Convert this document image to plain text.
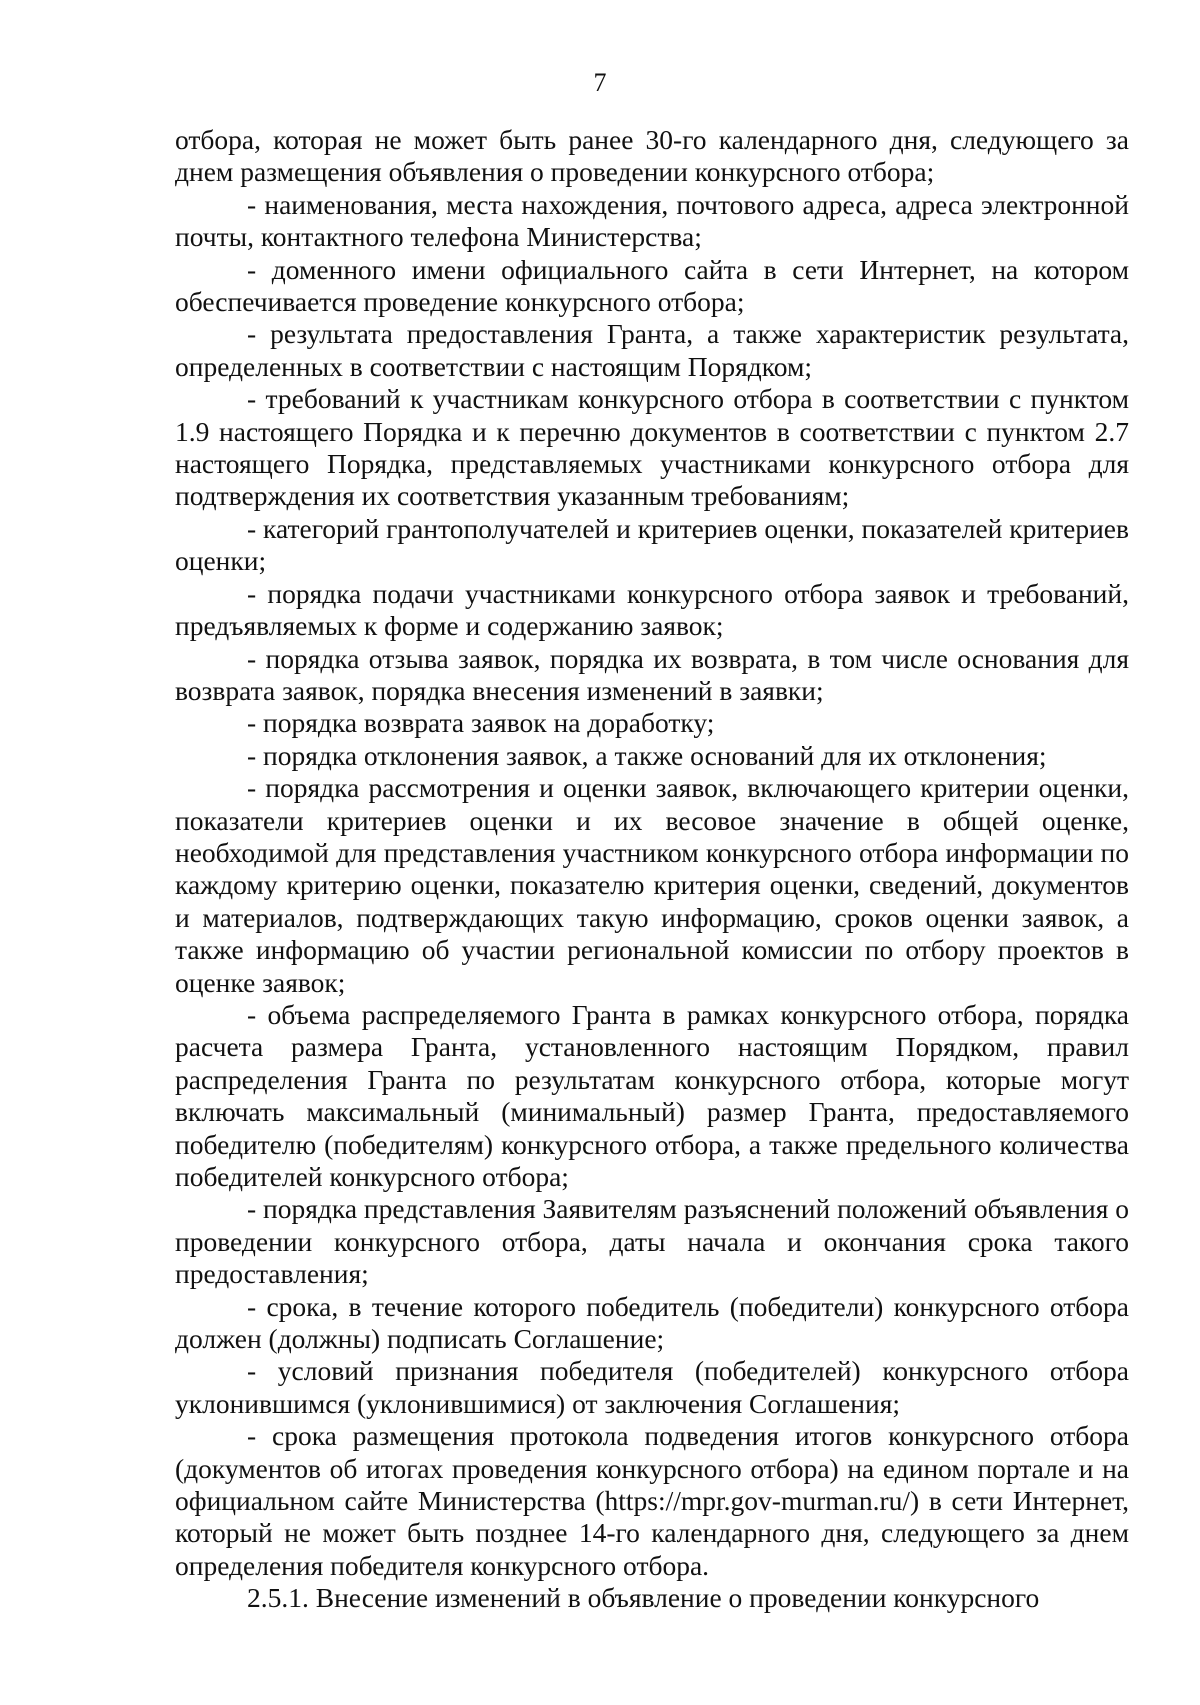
7

отбора, которая не может быть ранее 30-го календарного дня, следующего за днем размещения объявления о проведении конкурсного отбора;

- наименования, места нахождения, почтового адреса, адреса электронной почты, контактного телефона Министерства;

- доменного имени официального сайта в сети Интернет, на котором обеспечивается проведение конкурсного отбора;

- результата предоставления Гранта, а также характеристик результата, определенных в соответствии с настоящим Порядком;

- требований к участникам конкурсного отбора в соответствии с пунктом 1.9 настоящего Порядка и к перечню документов в соответствии с пунктом 2.7 настоящего Порядка, представляемых участниками конкурсного отбора для подтверждения их соответствия указанным требованиям;

- категорий грантополучателей и критериев оценки, показателей критериев оценки;

- порядка подачи участниками конкурсного отбора заявок и требований, предъявляемых к форме и содержанию заявок;

- порядка отзыва заявок, порядка их возврата, в том числе основания для возврата заявок, порядка внесения изменений в заявки;

- порядка возврата заявок на доработку;

- порядка отклонения заявок, а также оснований для их отклонения;

- порядка рассмотрения и оценки заявок, включающего критерии оценки, показатели критериев оценки и их весовое значение в общей оценке, необходимой для представления участником конкурсного отбора информации по каждому критерию оценки, показателю критерия оценки, сведений, документов и материалов, подтверждающих такую информацию, сроков оценки заявок, а также информацию об участии региональной комиссии по отбору проектов в оценке заявок;

- объема распределяемого Гранта в рамках конкурсного отбора, порядка расчета размера Гранта, установленного настоящим Порядком, правил распределения Гранта по результатам конкурсного отбора, которые могут включать максимальный (минимальный) размер Гранта, предоставляемого победителю (победителям) конкурсного отбора, а также предельного количества победителей конкурсного отбора;

- порядка представления Заявителям разъяснений положений объявления о проведении конкурсного отбора, даты начала и окончания срока такого предоставления;

- срока, в течение которого победитель (победители) конкурсного отбора должен (должны) подписать Соглашение;

- условий признания победителя (победителей) конкурсного отбора уклонившимся (уклонившимися) от заключения Соглашения;

- срока размещения протокола подведения итогов конкурсного отбора (документов об итогах проведения конкурсного отбора) на едином портале и на официальном сайте Министерства (https://mpr.gov-murman.ru/) в сети Интернет, который не может быть позднее 14-го календарного дня, следующего за днем определения победителя конкурсного отбора.

2.5.1. Внесение изменений в объявление о проведении конкурсного
